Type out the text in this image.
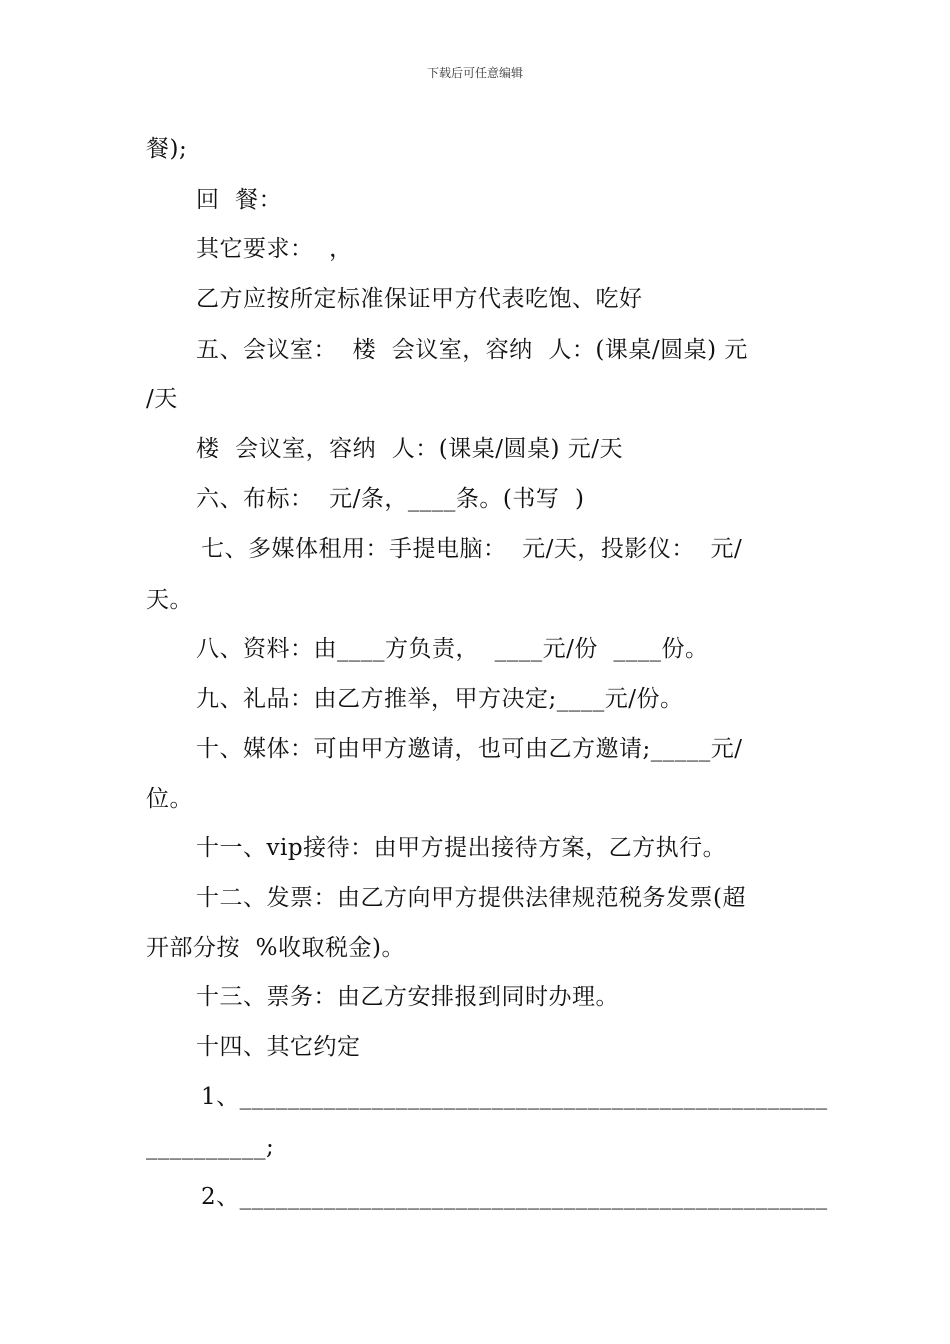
下载后可任意编辑
餐);
回  餐：
其它要求：  ，
乙方应按所定标准保证甲方代表吃饱、吃好
五、会议室：  楼  会议室，容纳  人：(课桌/圆桌) 元
/天
楼  会议室，容纳  人：(课桌/圆桌) 元/天
六、布标：  元/条，____条。(书写  )
七、多媒体租用：手提电脑：  元/天，投影仪：  元/
天。
八、资料：由____方负责，  ____元/份  ____份。
九、礼品：由乙方推举，甲方决定;____元/份。
十、媒体：可由甲方邀请，也可由乙方邀请;_____元/
位。
十一、vip接待：由甲方提出接待方案，乙方执行。
十二、发票：由乙方向甲方提供法律规范税务发票(超
开部分按  %收取税金)。
十三、票务：由乙方安排报到同时办理。
十四、其它约定
1、_________________________________________________
__________;
2、_________________________________________________
